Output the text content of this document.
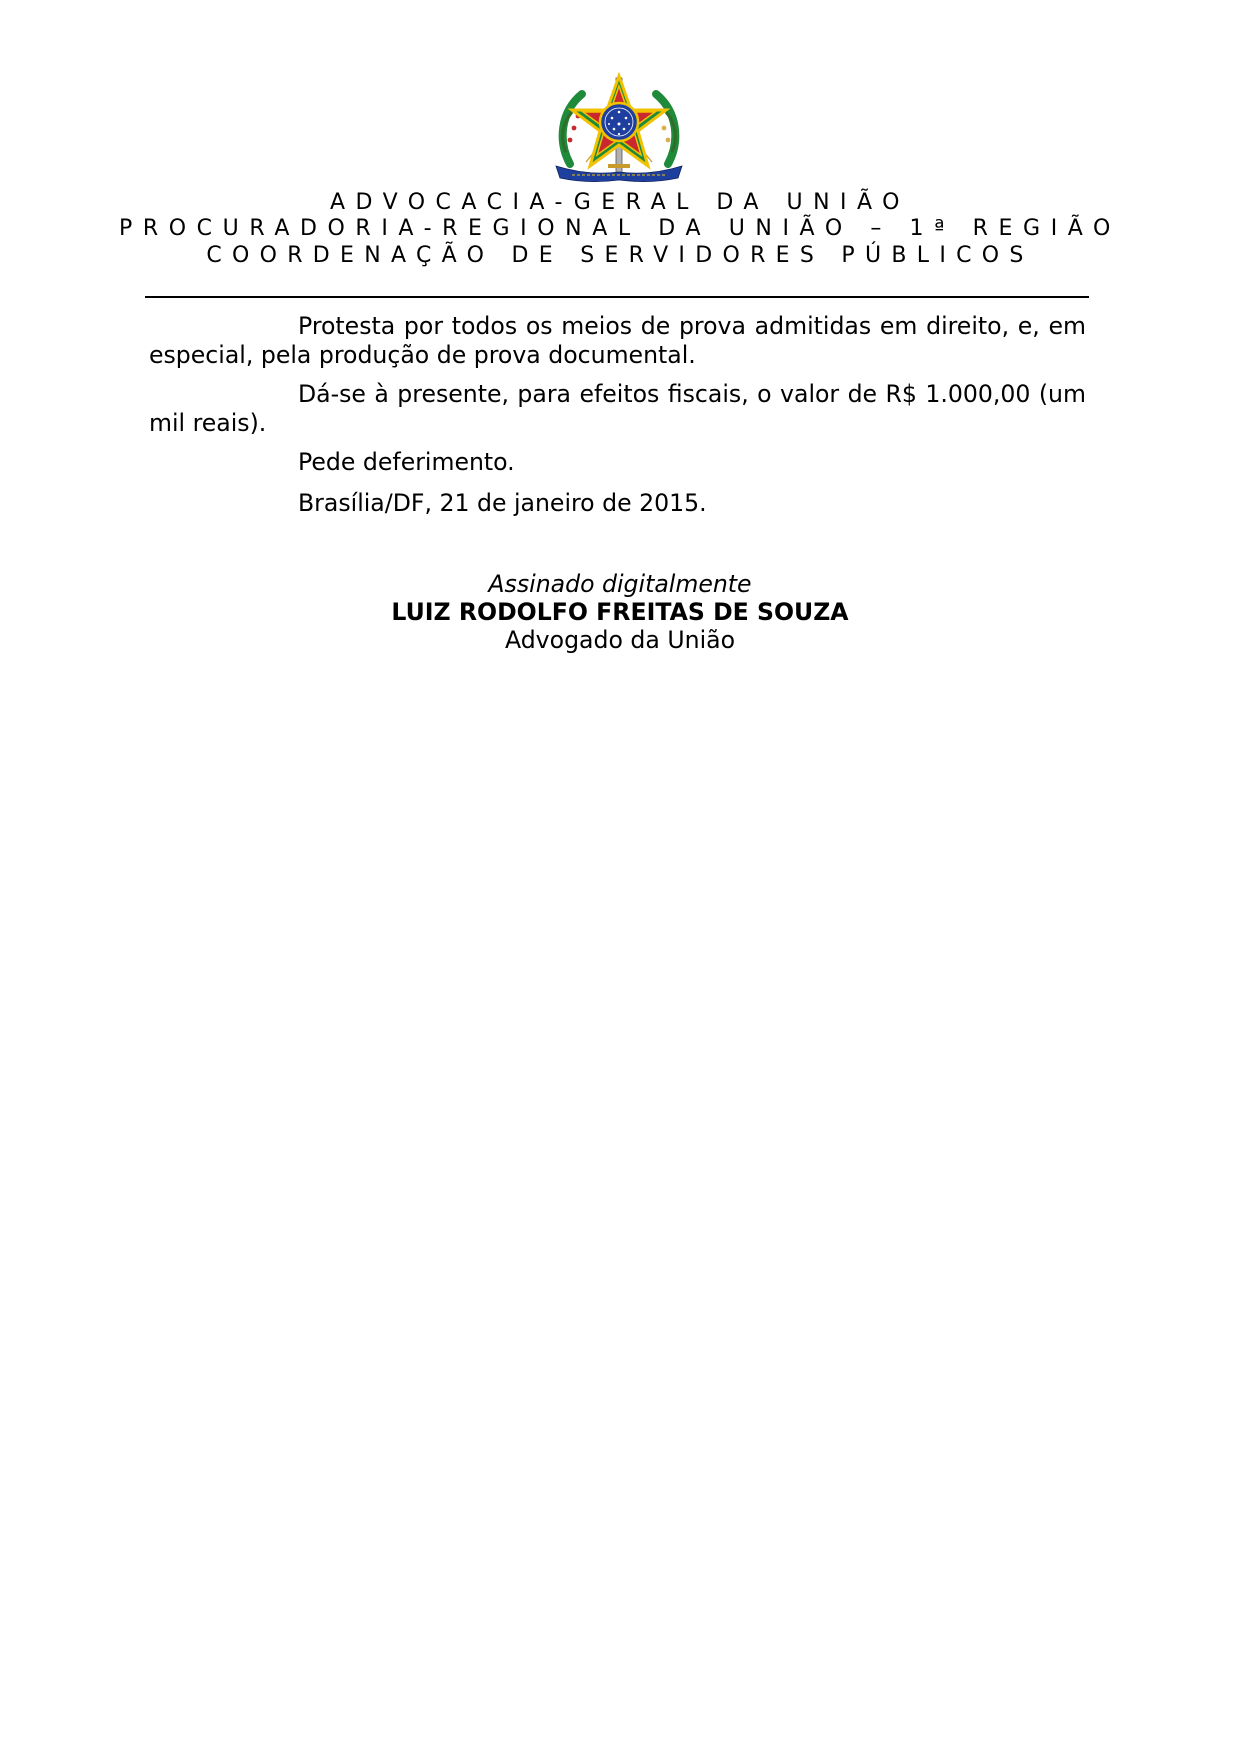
ADVOCACIA-GERAL DA UNIÃO
PROCURADORIA-REGIONAL DA UNIÃO – 1ª REGIÃO
COORDENAÇÃO DE SERVIDORES PÚBLICOS
Protesta por todos os meios de prova admitidas em direito, e, em especial, pela produção de prova documental.
Dá-se à presente, para efeitos fiscais, o valor de R$ 1.000,00 (um mil reais).
Pede deferimento.
Brasília/DF, 21 de janeiro de 2015.
Assinado digitalmente
LUIZ RODOLFO FREITAS DE SOUZA
Advogado da União
